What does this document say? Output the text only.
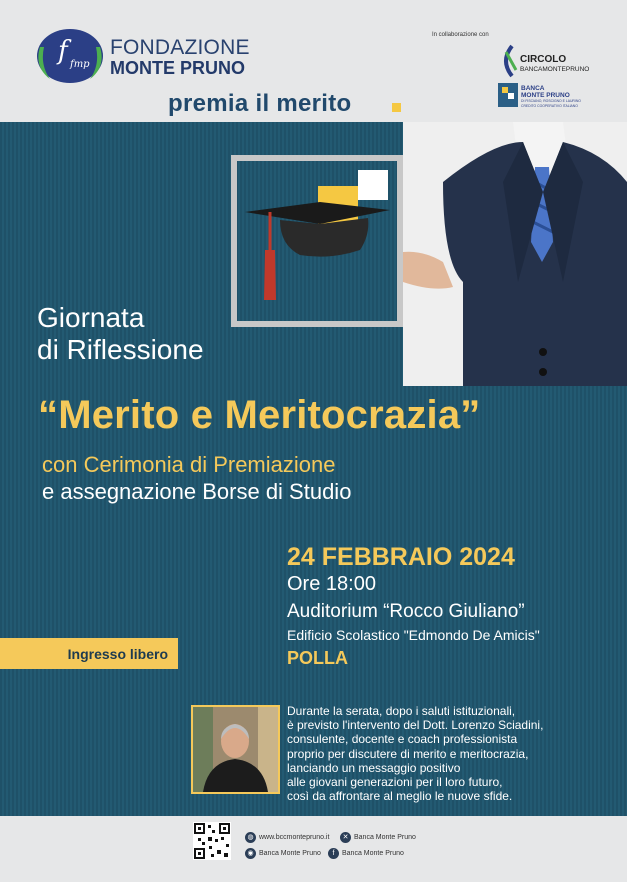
f fmp
FONDAZIONE
MONTE PRUNO
premia il merito
In collaborazione con
CIRCOLO
BANCAMONTEPRUNO
BANCA
MONTE PRUNO
DI FISCIANO, ROSCIGNO E LAURINO
CREDITO COOPERATIVO ITALIANO
Giornata
di Riflessione
“Merito e Meritocrazia”
con Cerimonia di Premiazione
e assegnazione Borse di Studio
24 FEBBRAIO 2024
Ore 18:00
Auditorium “Rocco Giuliano”
Edificio Scolastico "Edmondo De Amicis"
POLLA
Ingresso libero
Durante la serata, dopo i saluti istituzionali,
è previsto l'intervento del Dott. Lorenzo Sciadini,
consulente, docente e coach professionista
proprio per discutere di merito e meritocrazia,
lanciando un messaggio positivo
alle giovani generazioni per il loro futuro,
così da affrontare al meglio le nuove sfide.
◍ www.bccmontepruno.it	✕ Banca Monte Pruno
◉ Banca Monte Pruno	f	Banca Monte Pruno
